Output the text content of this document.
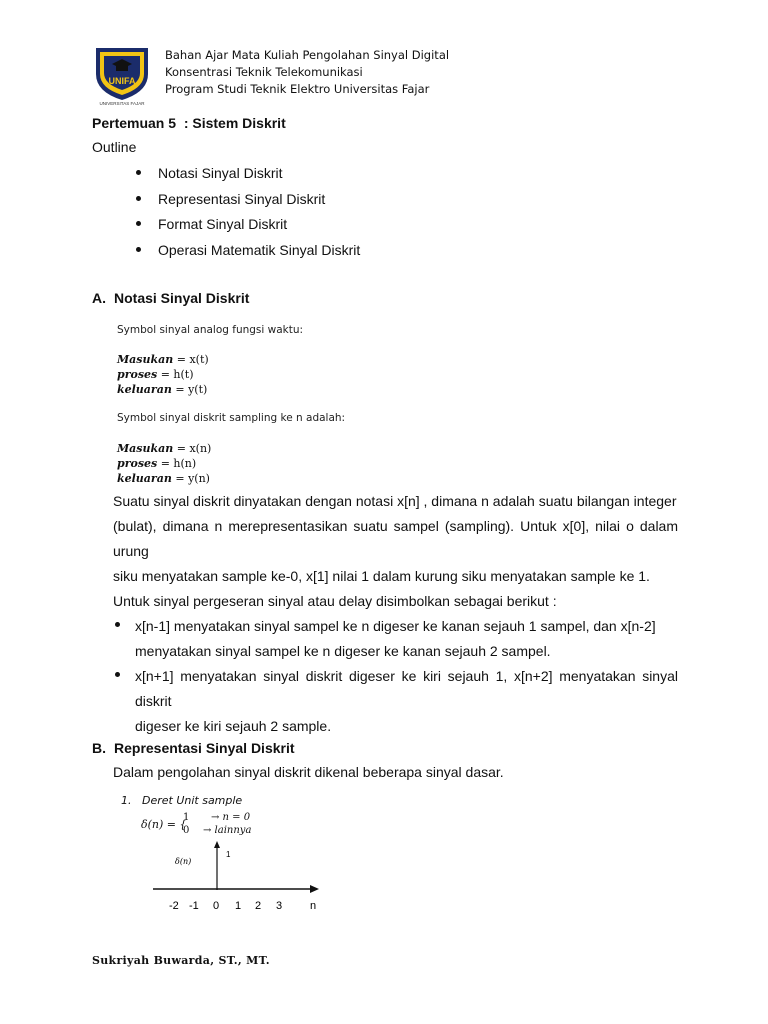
UNIFA
UNIVERSITAS FAJAR
Bahan Ajar Mata Kuliah Pengolahan Sinyal Digital
Konsentrasi Teknik Telekomunikasi
Program Studi Teknik Elektro Universitas Fajar
Pertemuan 5  : Sistem Diskrit
Outline
Notasi Sinyal Diskrit
Representasi Sinyal Diskrit
Format Sinyal Diskrit
Operasi Matematik Sinyal Diskrit
A. Notasi Sinyal Diskrit
Symbol sinyal analog fungsi waktu:
Masukan = x(t)
proses = h(t)
keluaran = y(t)
Symbol sinyal diskrit sampling ke n adalah:
Masukan = x(n)
proses = h(n)
keluaran = y(n)
Suatu sinyal diskrit dinyatakan dengan notasi x[n] , dimana n adalah suatu bilangan integer
(bulat), dimana n merepresentasikan suatu sampel (sampling). Untuk x[0], nilai o dalam urung
siku menyatakan sample ke-0, x[1] nilai 1 dalam kurung siku menyatakan sample ke 1.
Untuk sinyal pergeseran sinyal atau delay disimbolkan sebagai berikut :
x[n-1] menyatakan sinyal sampel ke n digeser ke kanan sejauh 1 sampel, dan x[n-2]
menyatakan sinyal sampel ke n digeser ke kanan sejauh 2 sampel.
x[n+1] menyatakan sinyal diskrit digeser ke kiri sejauh 1, x[n+2] menyatakan sinyal diskrit
digeser ke kiri sejauh 2 sample.
B. Representasi Sinyal Diskrit
Dalam pengolahan sinyal diskrit dikenal beberapa sinyal dasar.
1.   Deret Unit sample
δ(n) = {
1 → n = 0
0 → lainnya
δ(n)
1
-2 -1 0 1 2 3	n
Sukriyah Buwarda, ST., MT.
